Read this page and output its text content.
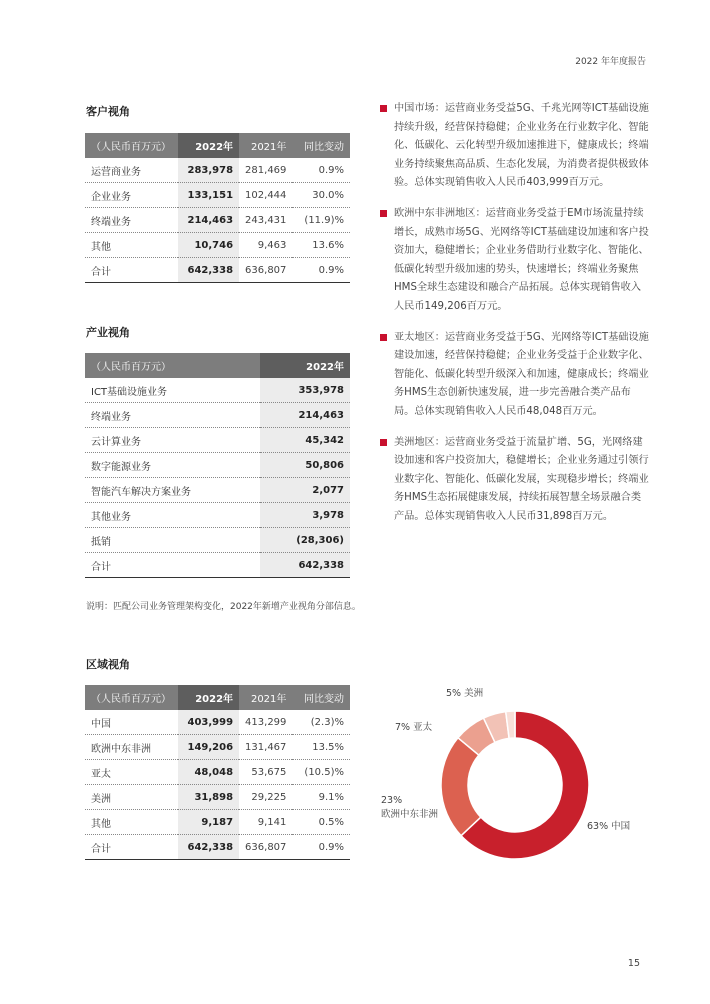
2022 年年度报告
客户视角
（人民币百万元）	2022年	2021年	同比变动
运营商业务	283,978	281,469	0.9%
企业业务	133,151	102,444	30.0%
终端业务	214,463	243,431	(11.9)%
其他	10,746	9,463	13.6%
合计	642,338	636,807	0.9%
产业视角
（人民币百万元）	2022年
ICT基础设施业务	353,978
终端业务	214,463
云计算业务	45,342
数字能源业务	50,806
智能汽车解决方案业务	2,077
其他业务	3,978
抵销	(28,306)
合计	642,338
说明：匹配公司业务管理架构变化，2022年新增产业视角分部信息。
区域视角
（人民币百万元）	2022年	2021年	同比变动
中国	403,999	413,299	(2.3)%
欧洲中东非洲	149,206	131,467	13.5%
亚太	48,048	53,675	(10.5)%
美洲	31,898	29,225	9.1%
其他	9,187	9,141	0.5%
合计	642,338	636,807	0.9%
中国市场：运营商业务受益5G、千兆光网等ICT基础设施持续升级，经营保持稳健；企业业务在行业数字化、智能化、低碳化、云化转型升级加速推进下，健康成长；终端业务持续聚焦高品质、生态化发展，为消费者提供极致体验。总体实现销售收入人民币403,999百万元。
欧洲中东非洲地区：运营商业务受益于EM市场流量持续增长，成熟市场5G、光网络等ICT基础建设加速和客户投资加大，稳健增长；企业业务借助行业数字化、智能化、低碳化转型升级加速的势头，快速增长；终端业务聚焦HMS全球生态建设和融合产品拓展。总体实现销售收入人民币149,206百万元。
亚太地区：运营商业务受益于5G、光网络等ICT基础设施建设加速，经营保持稳健；企业业务受益于企业数字化、智能化、低碳化转型升级深入和加速，健康成长；终端业务HMS生态创新快速发展，进一步完善融合类产品布局。总体实现销售收入人民币48,048百万元。
美洲地区：运营商业务受益于流量扩增、5G，光网络建设加速和客户投资加大，稳健增长；企业业务通过引领行业数字化、智能化、低碳化发展，实现稳步增长；终端业务HMS生态拓展健康发展，持续拓展智慧全场景融合类产品。总体实现销售收入人民币31,898百万元。
5% 美洲
7% 亚太
23%
欧洲中东非洲
63% 中国
15
